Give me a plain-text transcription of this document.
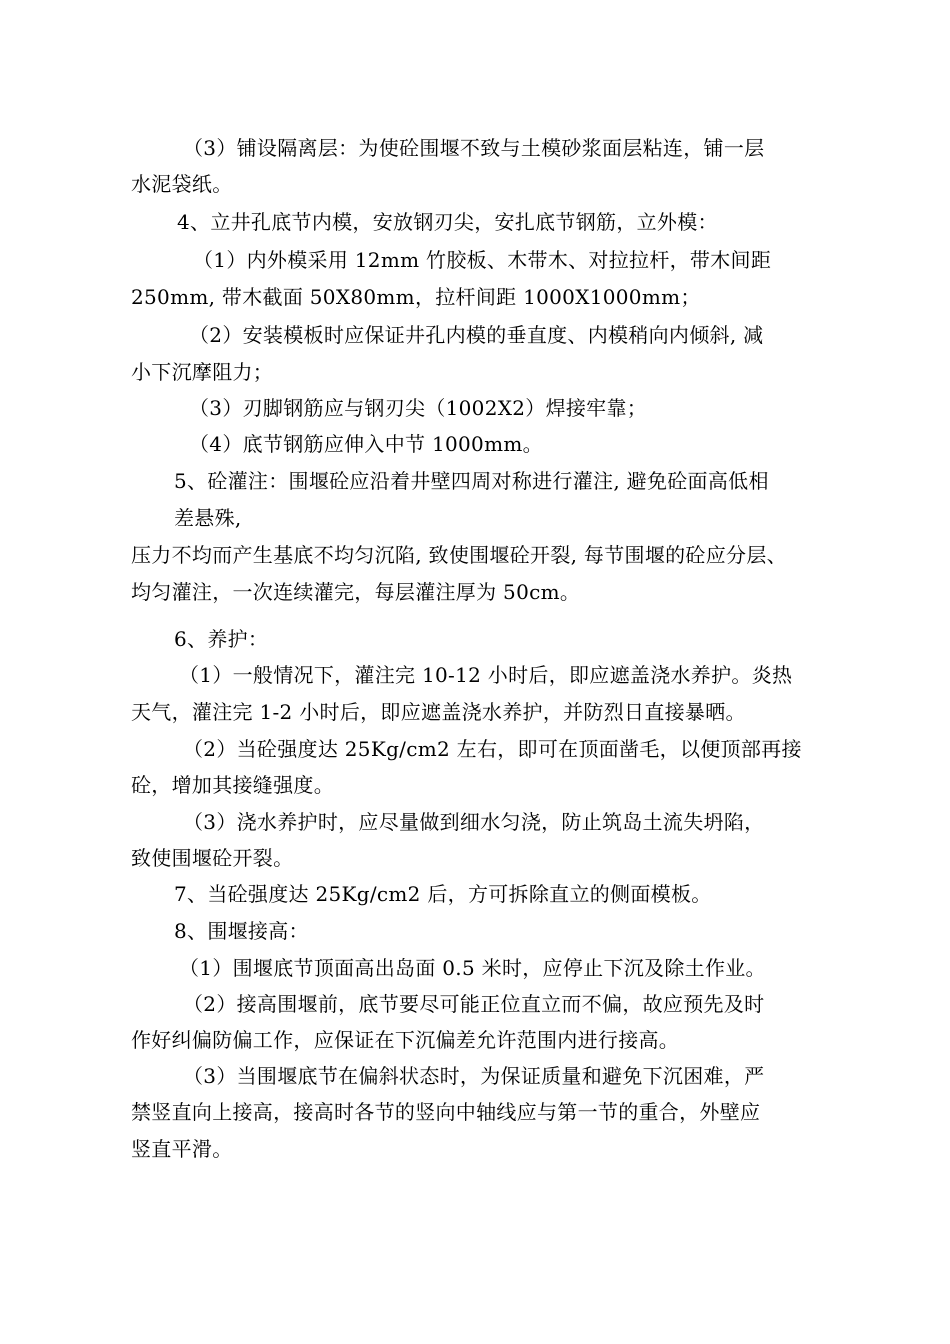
（3）铺设隔离层：为使砼围堰不致与土模砂浆面层粘连，铺一层
水泥袋纸。
4、立井孔底节内模，安放钢刃尖，安扎底节钢筋，立外模：
（1）内外模采用 12mm 竹胶板、木带木、对拉拉杆，带木间距
250mm, 带木截面 50X80mm，拉杆间距 1000X1000mm；
（2）安装模板时应保证井孔内模的垂直度、内模稍向内倾斜, 减
小下沉摩阻力；
（3）刃脚钢筋应与钢刃尖（1002X2）焊接牢靠；
（4）底节钢筋应伸入中节 1000mm。
5、砼灌注：围堰砼应沿着井壁四周对称进行灌注, 避免砼面高低相
差悬殊,
压力不均而产生基底不均匀沉陷, 致使围堰砼开裂, 每节围堰的砼应分层、
均匀灌注，一次连续灌完，每层灌注厚为 50cm。
6、养护：
（1）一般情况下，灌注完 10-12 小时后，即应遮盖浇水养护。炎热
天气，灌注完 1-2 小时后，即应遮盖浇水养护，并防烈日直接暴晒。
（2）当砼强度达 25Kg/cm2 左右，即可在顶面凿毛，以便顶部再接
砼，增加其接缝强度。
（3）浇水养护时，应尽量做到细水匀浇，防止筑岛土流失坍陷，
致使围堰砼开裂。
7、当砼强度达 25Kg/cm2 后，方可拆除直立的侧面模板。
8、围堰接高：
（1）围堰底节顶面高出岛面 0.5 米时，应停止下沉及除土作业。
（2）接高围堰前，底节要尽可能正位直立而不偏，故应预先及时
作好纠偏防偏工作，应保证在下沉偏差允许范围内进行接高。
（3）当围堰底节在偏斜状态时，为保证质量和避免下沉困难，严
禁竖直向上接高，接高时各节的竖向中轴线应与第一节的重合，外壁应
竖直平滑。
